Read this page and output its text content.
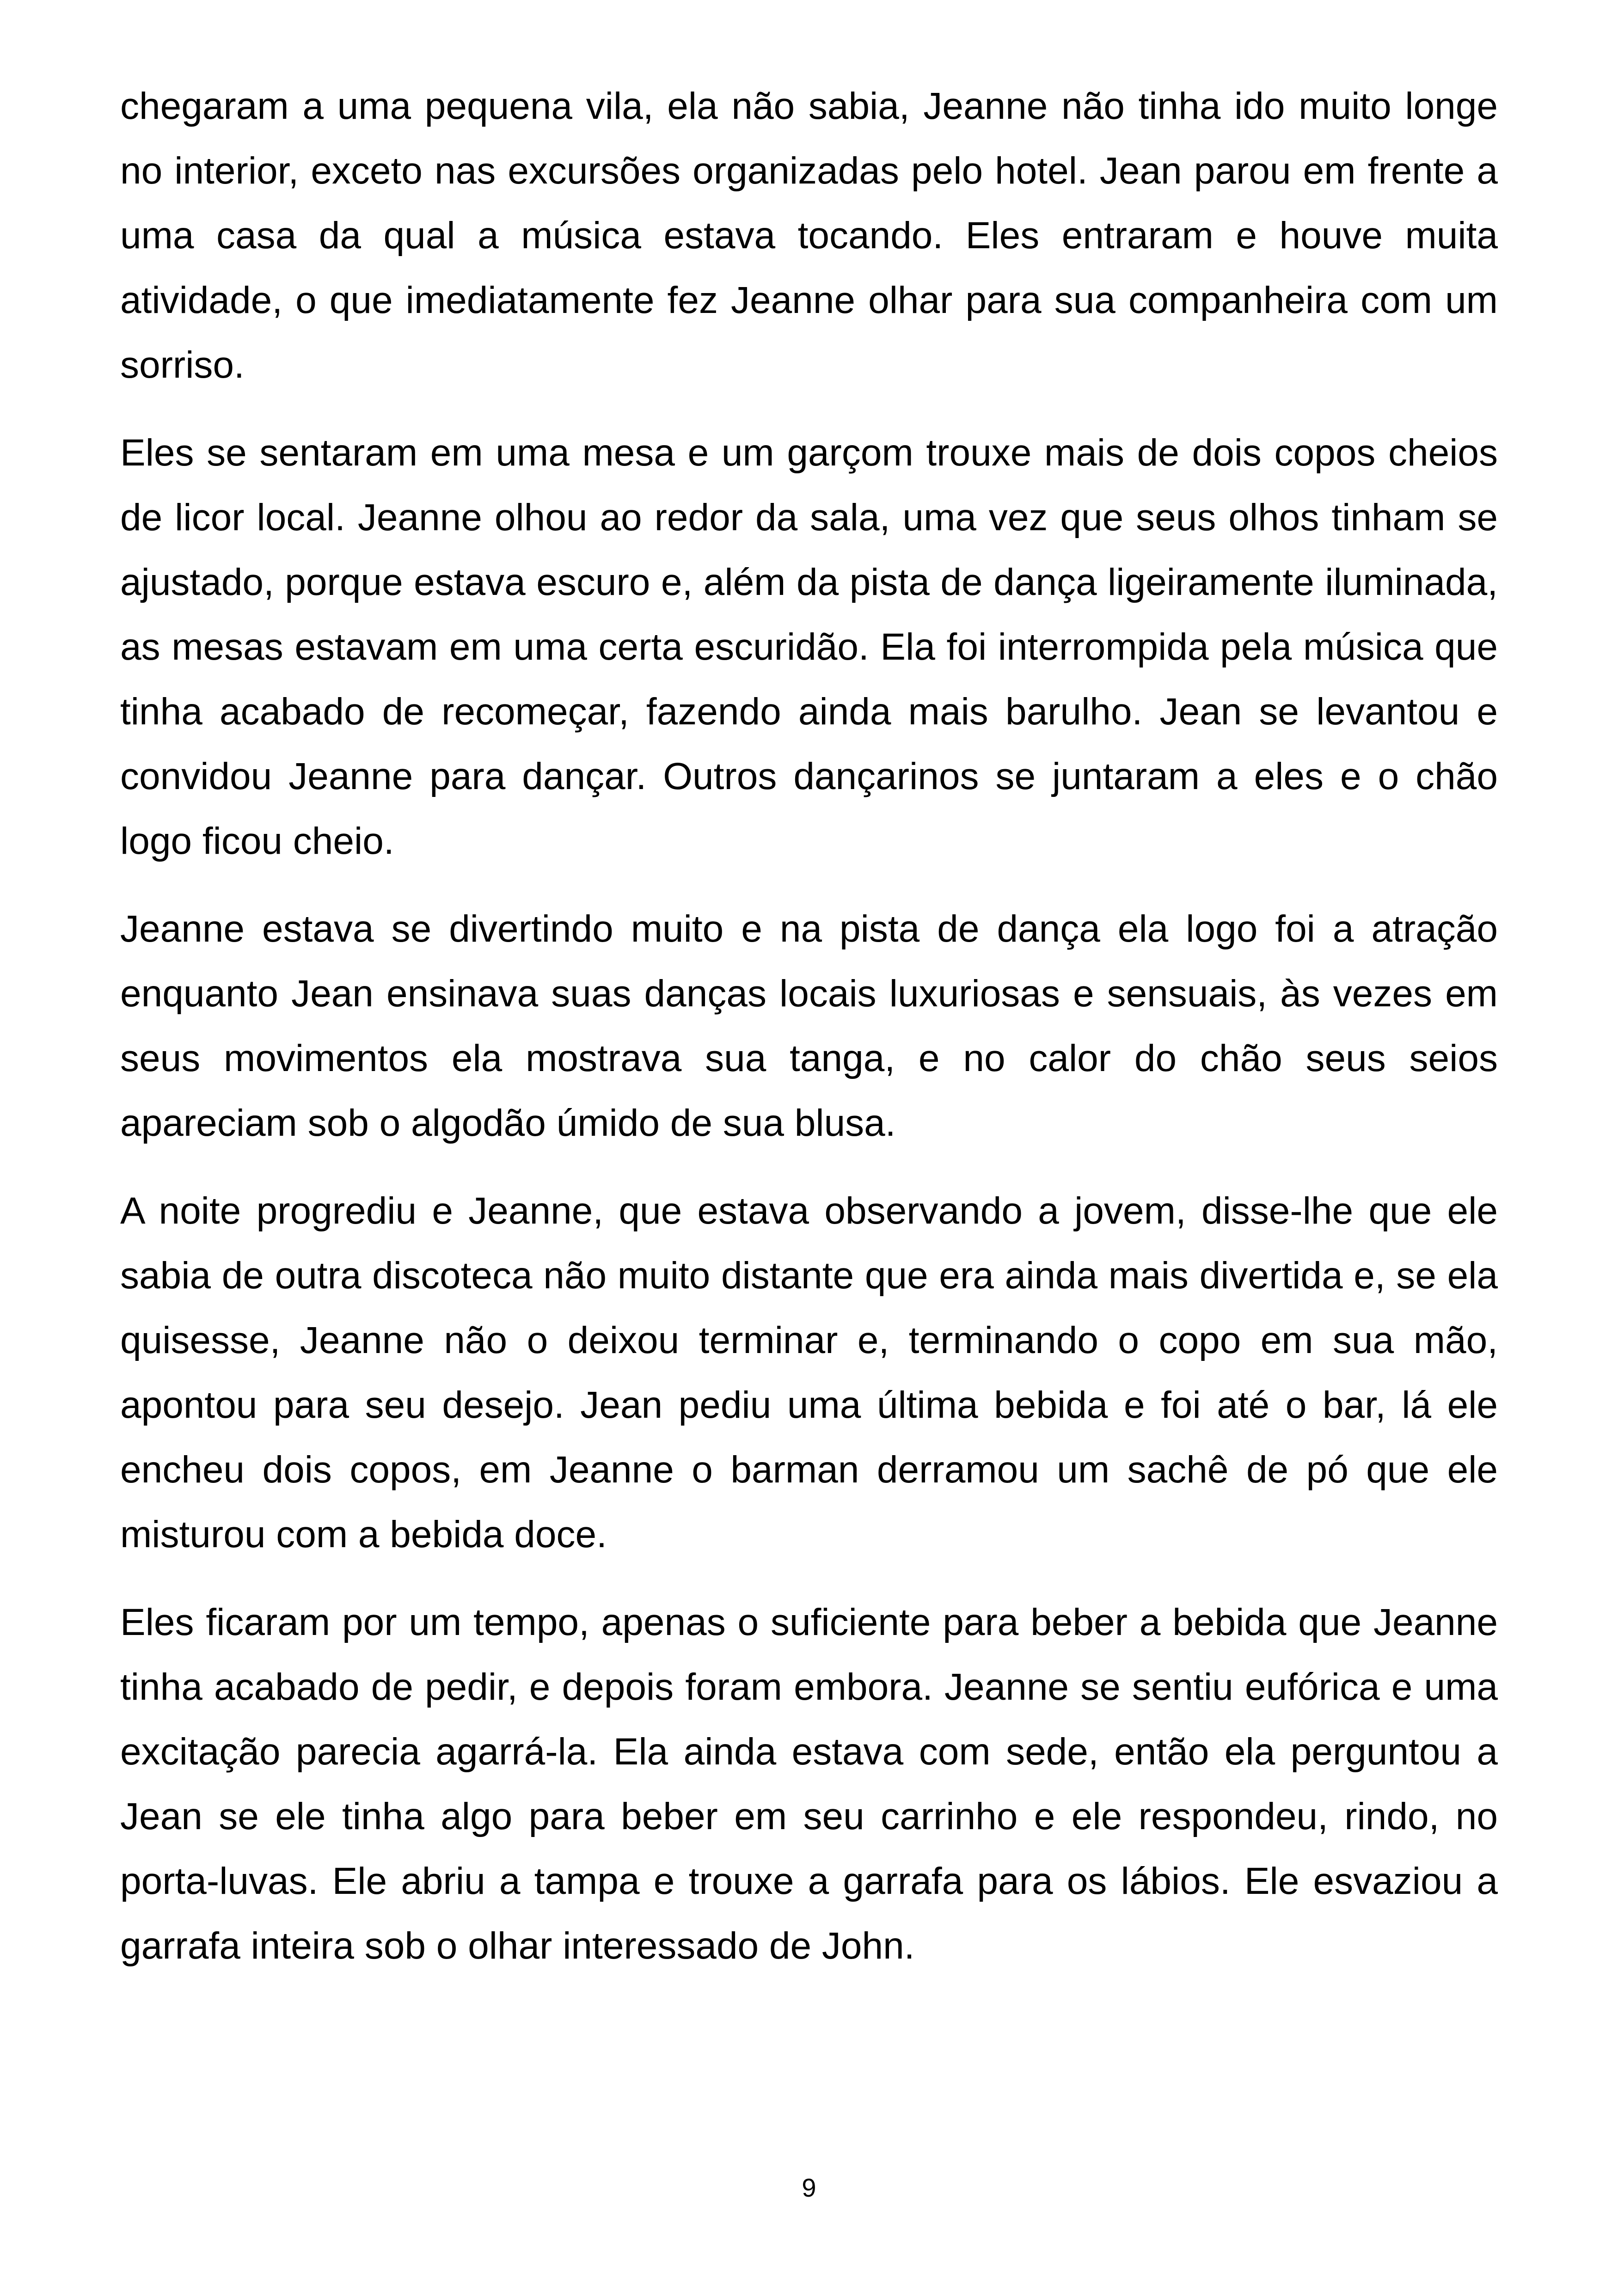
chegaram a uma pequena vila, ela não sabia, Jeanne não tinha ido muito longe no interior, exceto nas excursões organizadas pelo hotel. Jean parou em frente a uma casa da qual a música estava tocando. Eles entraram e houve muita atividade, o que imediatamente fez Jeanne olhar para sua companheira com um sorriso.

Eles se sentaram em uma mesa e um garçom trouxe mais de dois copos cheios de licor local. Jeanne olhou ao redor da sala, uma vez que seus olhos tinham se ajustado, porque estava escuro e, além da pista de dança ligeiramente iluminada, as mesas estavam em uma certa escuridão. Ela foi interrompida pela música que tinha acabado de recomeçar, fazendo ainda mais barulho. Jean se levantou e convidou Jeanne para dançar. Outros dançarinos se juntaram a eles e o chão logo ficou cheio.

Jeanne estava se divertindo muito e na pista de dança ela logo foi a atração enquanto Jean ensinava suas danças locais luxuriosas e sensuais, às vezes em seus movimentos ela mostrava sua tanga, e no calor do chão seus seios apareciam sob o algodão úmido de sua blusa.

A noite progrediu e Jeanne, que estava observando a jovem, disse-lhe que ele sabia de outra discoteca não muito distante que era ainda mais divertida e, se ela quisesse, Jeanne não o deixou terminar e, terminando o copo em sua mão, apontou para seu desejo. Jean pediu uma última bebida e foi até o bar, lá ele encheu dois copos, em Jeanne o barman derramou um sachê de pó que ele misturou com a bebida doce.

Eles ficaram por um tempo, apenas o suficiente para beber a bebida que Jeanne tinha acabado de pedir, e depois foram embora. Jeanne se sentiu eufórica e uma excitação parecia agarrá-la. Ela ainda estava com sede, então ela perguntou a Jean se ele tinha algo para beber em seu carrinho e ele respondeu, rindo, no porta-luvas. Ele abriu a tampa e trouxe a garrafa para os lábios. Ele esvaziou a garrafa inteira sob o olhar interessado de John.

9
